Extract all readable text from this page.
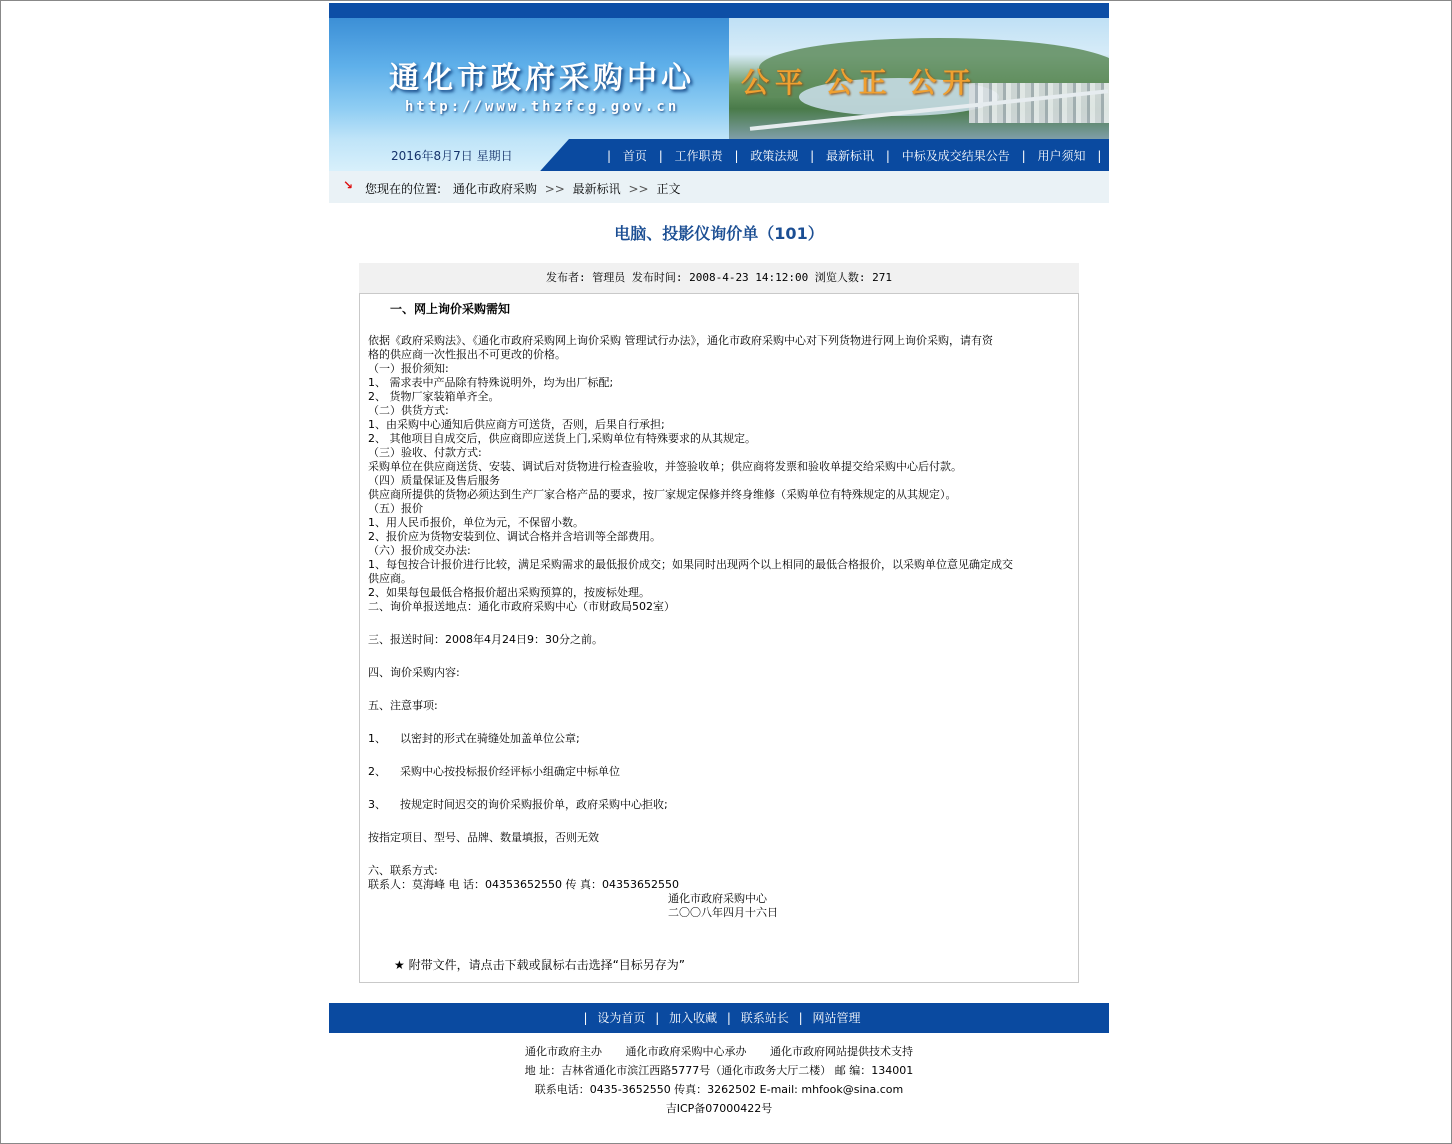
通化市政府采购中心
http://www.thzfcg.gov.cn
公平 公正 公开
2016年8月7日 星期日	| 首页 | 工作职责 | 政策法规 | 最新标讯 | 中标及成交结果公告 | 用户须知 |
↘ 您现在的位置: 通化市政府采购 >> 最新标讯 >> 正文
电脑、投影仪询价单（101）
发布者: 管理员 发布时间: 2008-4-23 14:12:00 浏览人数: 271
一、网上询价采购需知
依据《政府采购法》、《通化市政府采购网上询价采购 管理试行办法》，通化市政府采购中心对下列货物进行网上询价采购，请有资
格的供应商一次性报出不可更改的价格。
（一）报价须知:
1、 需求表中产品除有特殊说明外，均为出厂标配;
2、 货物厂家装箱单齐全。
（二）供货方式:
1、由采购中心通知后供应商方可送货，否则，后果自行承担;
2、 其他项目自成交后，供应商即应送货上门,采购单位有特殊要求的从其规定。
（三）验收、付款方式:
采购单位在供应商送货、安装、调试后对货物进行检查验收，并签验收单；供应商将发票和验收单提交给采购中心后付款。
（四）质量保证及售后服务
供应商所提供的货物必须达到生产厂家合格产品的要求，按厂家规定保修并终身维修（采购单位有特殊规定的从其规定）。
（五）报价
1、用人民币报价，单位为元，不保留小数。
2、报价应为货物安装到位、调试合格并含培训等全部费用。
（六）报价成交办法:
1、每包按合计报价进行比较，满足采购需求的最低报价成交；如果同时出现两个以上相同的最低合格报价，以采购单位意见确定成交
供应商。
2、如果每包最低合格报价超出采购预算的，按废标处理。
二、询价单报送地点：通化市政府采购中心（市财政局502室）
三、报送时间：2008年4月24日9：30分之前。
四、询价采购内容:
五、注意事项:
1、    以密封的形式在骑缝处加盖单位公章;
2、    采购中心按投标报价经评标小组确定中标单位
3、    按规定时间迟交的询价采购报价单，政府采购中心拒收;
按指定项目、型号、品牌、数量填报，否则无效
六、联系方式:
联系人：莫海峰 电 话：04353652550 传 真：04353652550
通化市政府采购中心
二〇〇八年四月十六日
★ 附带文件，请点击下载或鼠标右击选择“目标另存为”
| 设为首页 | 加入收藏 | 联系站长 | 网站管理
通化市政府主办 通化市政府采购中心承办 通化市政府网站提供技术支持
地 址：吉林省通化市滨江西路5777号（通化市政务大厅二楼） 邮 编：134001
联系电话：0435-3652550 传真：3262502 E-mail: mhfook@sina.com
吉ICP备07000422号
